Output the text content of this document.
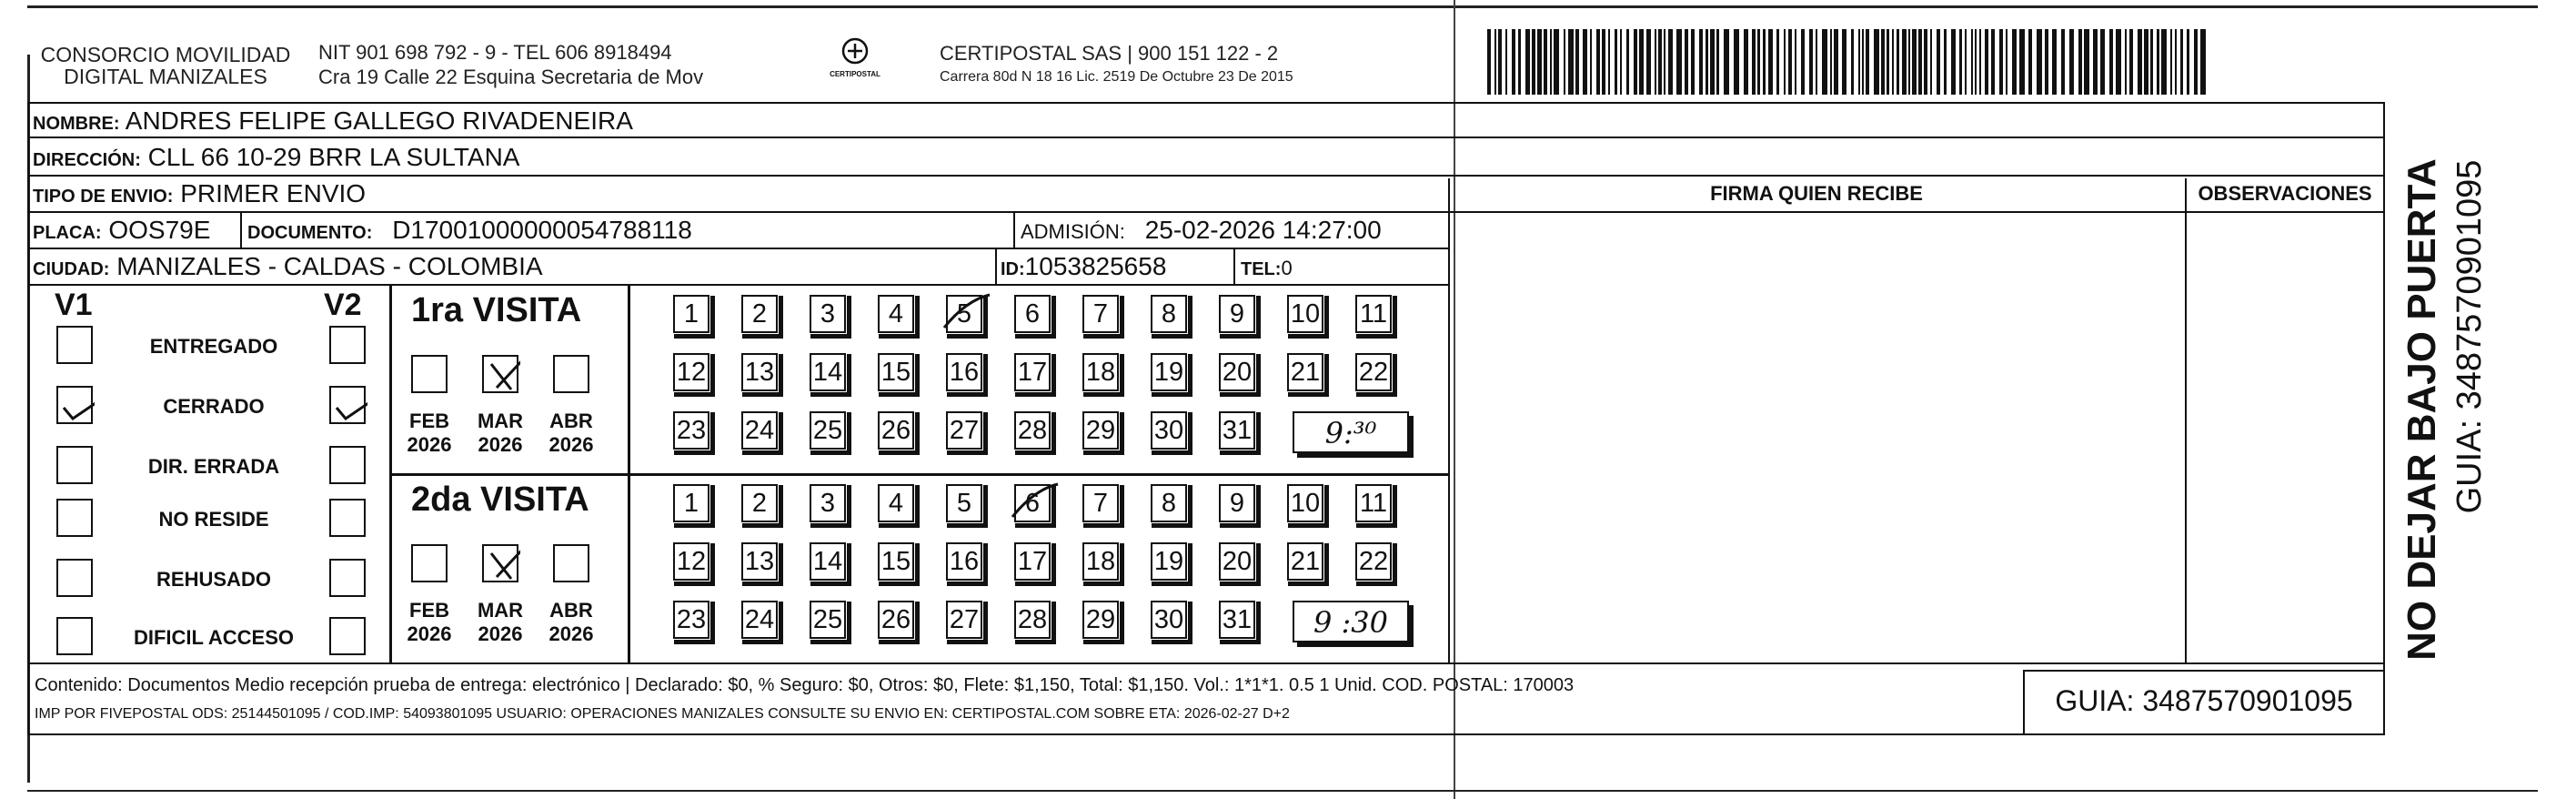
CONSORCIO MOVILIDAD
DIGITAL MANIZALES
NIT 901 698 792 - 9 - TEL 606 8918494
Cra 19 Calle 22 Esquina Secretaria de Mov	CERTIPOSTAL
CERTIPOSTAL SAS | 900 151 122 - 2
Carrera 80d N 18 16 Lic. 2519 De Octubre 23 De 2015
NOMBRE: ANDRES FELIPE GALLEGO RIVADENEIRA
DIRECCIÓN: CLL 66 10-29 BRR LA SULTANA
TIPO DE ENVIO: PRIMER ENVIO
PLACA: OOS79E DOCUMENTO: D17001000000054788118	ADMISIÓN: 25-02-2026 14:27:00
CIUDAD: MANIZALES - CALDAS - COLOMBIA	ID:1053825658	TEL:0
FIRMA QUIEN RECIBE	OBSERVACIONES
V1	V2
ENTREGADO
CERRADO
DIR. ERRADA
NO RESIDE
REHUSADO
DIFICIL ACCESO
1ra VISITA
FEB
2026
MAR
2026
ABR
2026
1	2	3	4	5	6	7	8	9	10 11
12 13 14 15 16 17 18 19 20 21 22
23 24 25 26 27 28 29 30 31	9:³⁰
2da VISITA
FEB
2026
MAR
2026
ABR
2026
1	2	3	4	5	6	7	8	9	10 11
12 13 14 15 16 17 18 19 20 21 22
23 24 25 26 27 28 29 30 31	9 :30
Contenido: Documentos Medio recepción prueba de entrega: electrónico | Declarado: $0, % Seguro: $0, Otros: $0, Flete: $1,150, Total: $1,150. Vol.: 1*1*1. 0.5 1 Unid. COD. POSTAL: 170003
IMP POR FIVEPOSTAL ODS: 25144501095 / COD.IMP: 54093801095 USUARIO: OPERACIONES MANIZALES CONSULTE SU ENVIO EN: CERTIPOSTAL.COM SOBRE ETA: 2026-02-27 D+2	GUIA: 3487570901095
NO DEJAR BAJO PUERTA GUIA: 3487570901095
